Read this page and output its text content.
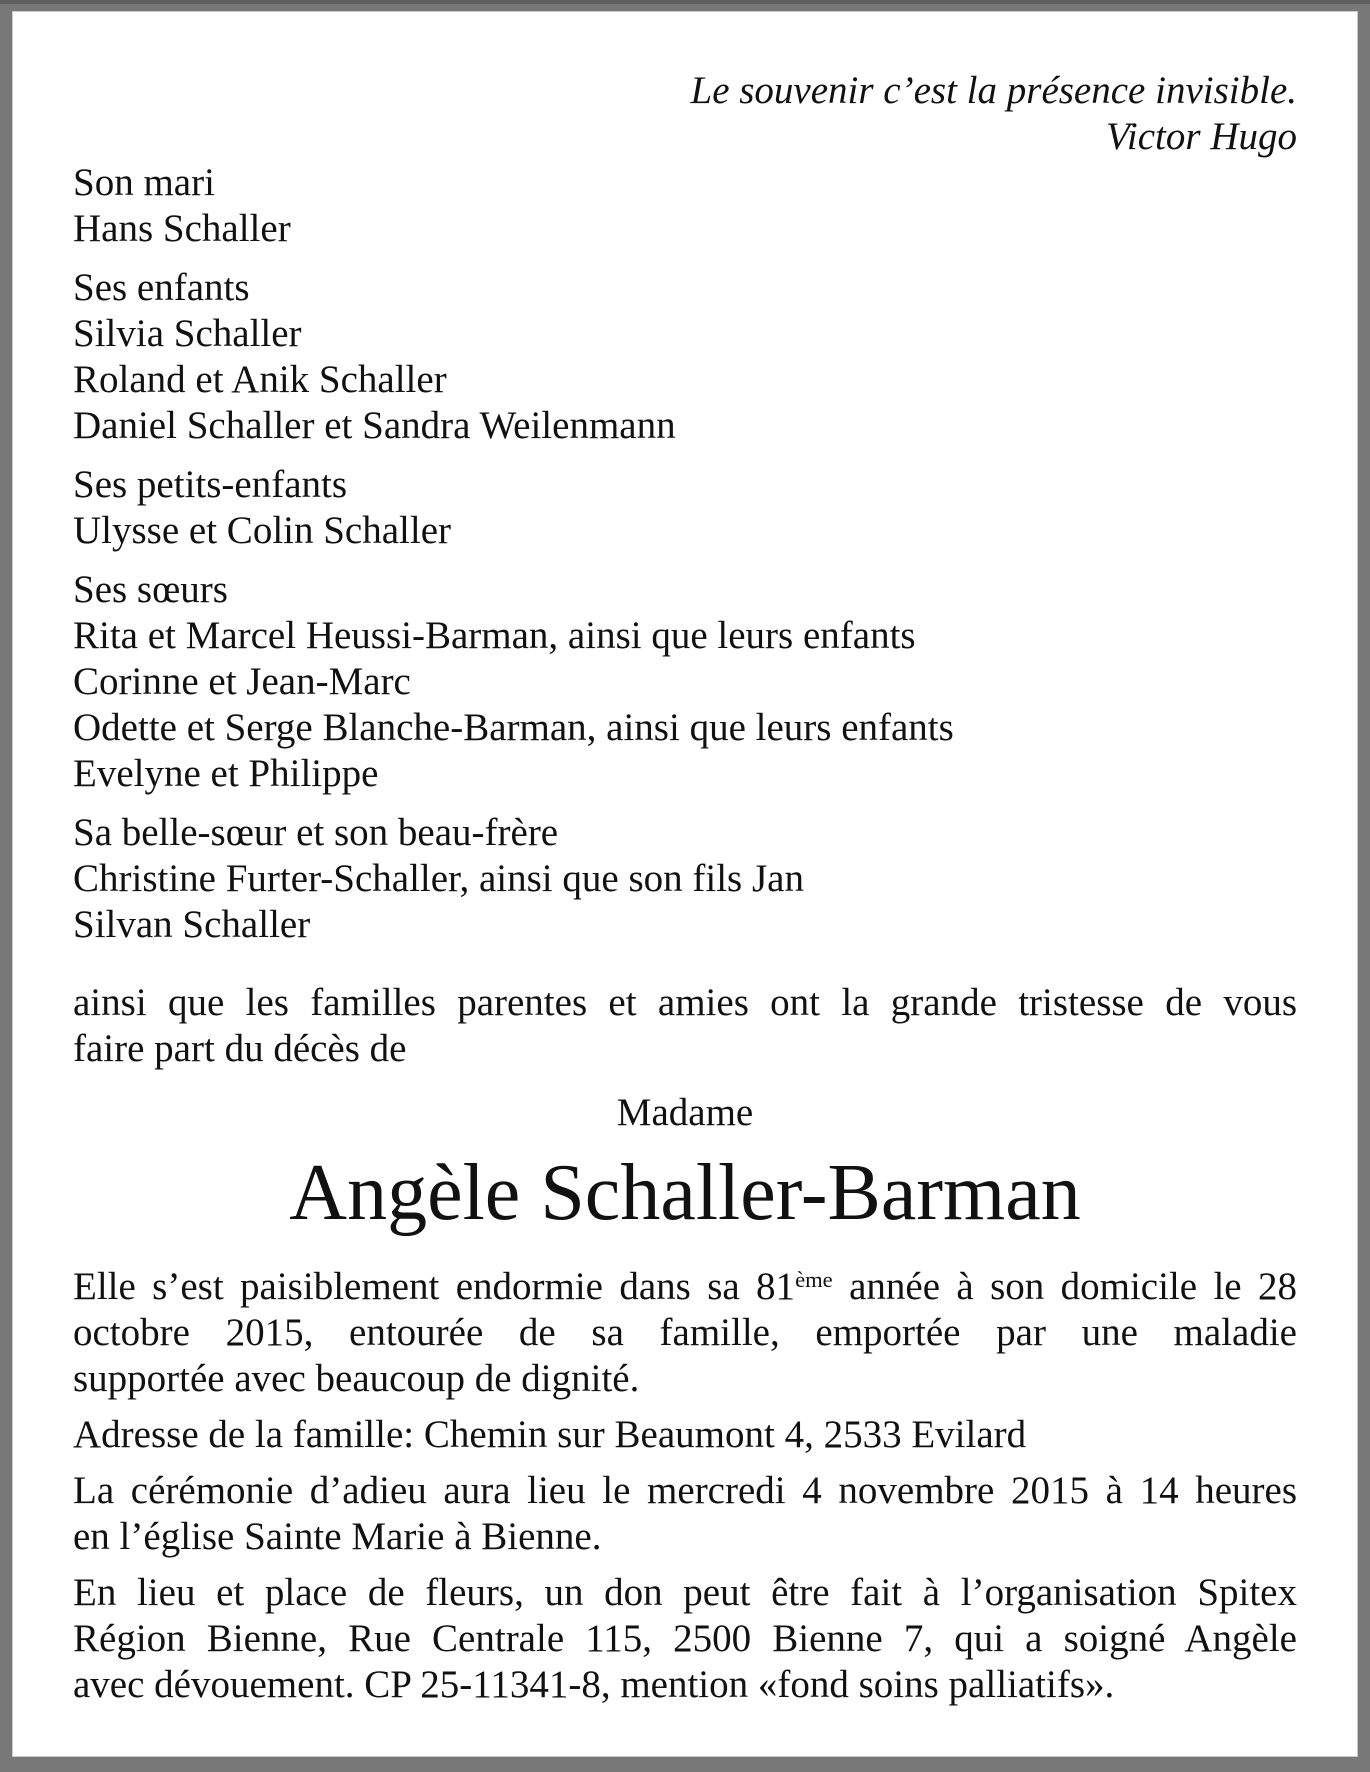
Le souvenir c’est la présence invisible.
Victor Hugo
Son mari
Hans Schaller
Ses enfants
Silvia Schaller
Roland et Anik Schaller
Daniel Schaller et Sandra Weilenmann
Ses petits-enfants
Ulysse et Colin Schaller
Ses sœurs
Rita et Marcel Heussi-Barman, ainsi que leurs enfants
Corinne et Jean-Marc
Odette et Serge Blanche-Barman, ainsi que leurs enfants
Evelyne et Philippe
Sa belle-sœur et son beau-frère
Christine Furter-Schaller, ainsi que son fils Jan
Silvan Schaller
ainsi que les familles parentes et amies ont la grande tristesse de vous
faire part du décès de
Madame
Angèle Schaller-Barman
Elle s’est paisiblement endormie dans sa 81ème année à son domicile le 28
octobre 2015, entourée de sa famille, emportée par une maladie
supportée avec beaucoup de dignité.
Adresse de la famille: Chemin sur Beaumont 4, 2533 Evilard
La cérémonie d’adieu aura lieu le mercredi 4 novembre 2015 à 14 heures
en l’église Sainte Marie à Bienne.
En lieu et place de fleurs, un don peut être fait à l’organisation Spitex
Région Bienne, Rue Centrale 115, 2500 Bienne 7, qui a soigné Angèle
avec dévouement. CP 25-11341-8, mention «fond soins palliatifs».
